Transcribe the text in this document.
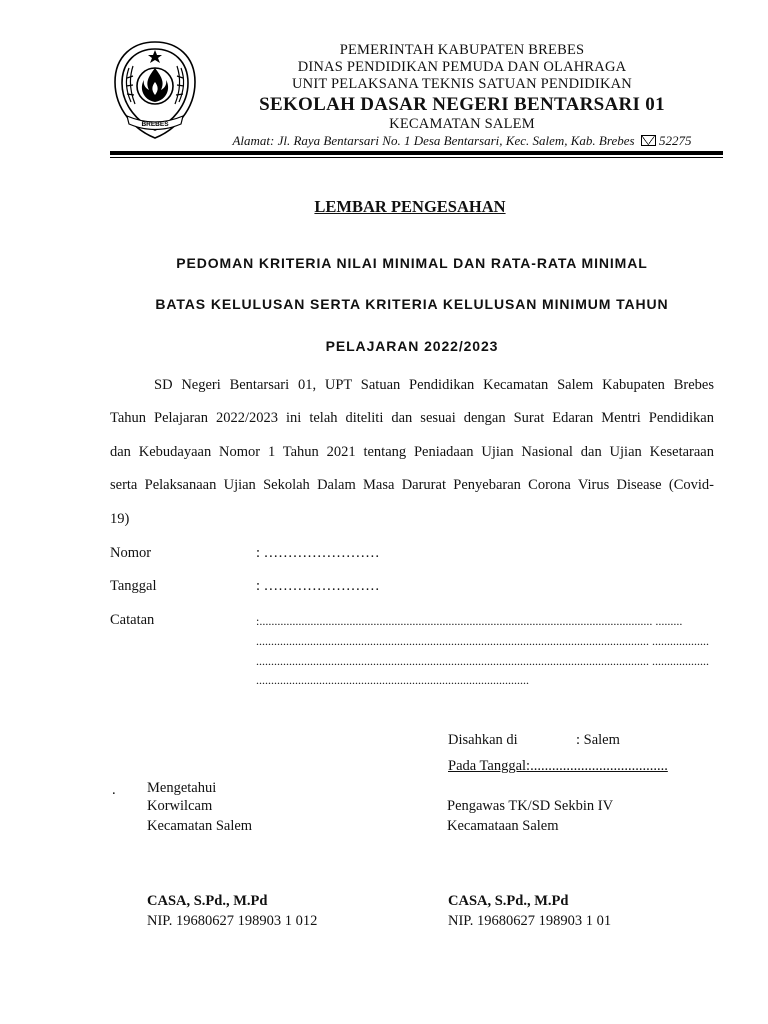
BREBES
PEMERINTAH KABUPATEN BREBES
DINAS PENDIDIKAN PEMUDA DAN OLAHRAGA
UNIT PELAKSANA TEKNIS SATUAN PENDIDIKAN
SEKOLAH DASAR NEGERI BENTARSARI 01
KECAMATAN SALEM
Alamat: Jl. Raya Bentarsari No. 1 Desa Bentarsari, Kec. Salem, Kab. Brebes 52275
LEMBAR PENGESAHAN
PEDOMAN KRITERIA NILAI MINIMAL DAN RATA-RATA MINIMAL
BATAS KELULUSAN SERTA KRITERIA KELULUSAN MINIMUM TAHUN
PELAJARAN 2022/2023
SD Negeri Bentarsari 01, UPT Satuan Pendidikan Kecamatan Salem Kabupaten Brebes
Tahun Pelajaran 2022/2023 ini telah diteliti dan sesuai dengan Surat Edaran Mentri Pendidikan
dan Kebudayaan Nomor 1 Tahun 2021 tentang Peniadaan Ujian Nasional dan Ujian Kesetaraan
serta Pelaksanaan Ujian Sekolah Dalam Masa Darurat Penyebaran Corona Virus Disease (Covid-
19)
Nomor	: ……………………
Tanggal	: ……………………
Catatan	:................................................................................................................................... .........
................................................................................................................................... ...................
................................................................................................................................... ...................
...........................................................................................
Disahkan di	: Salem
Pada Tanggal:......................................
. Mengetahui
Korwilcam
Kecamatan Salem
Pengawas TK/SD Sekbin IV
Kecamataan Salem
CASA, S.Pd., M.Pd
NIP. 19680627 198903 1 012
CASA, S.Pd., M.Pd
NIP. 19680627 198903 1 01
